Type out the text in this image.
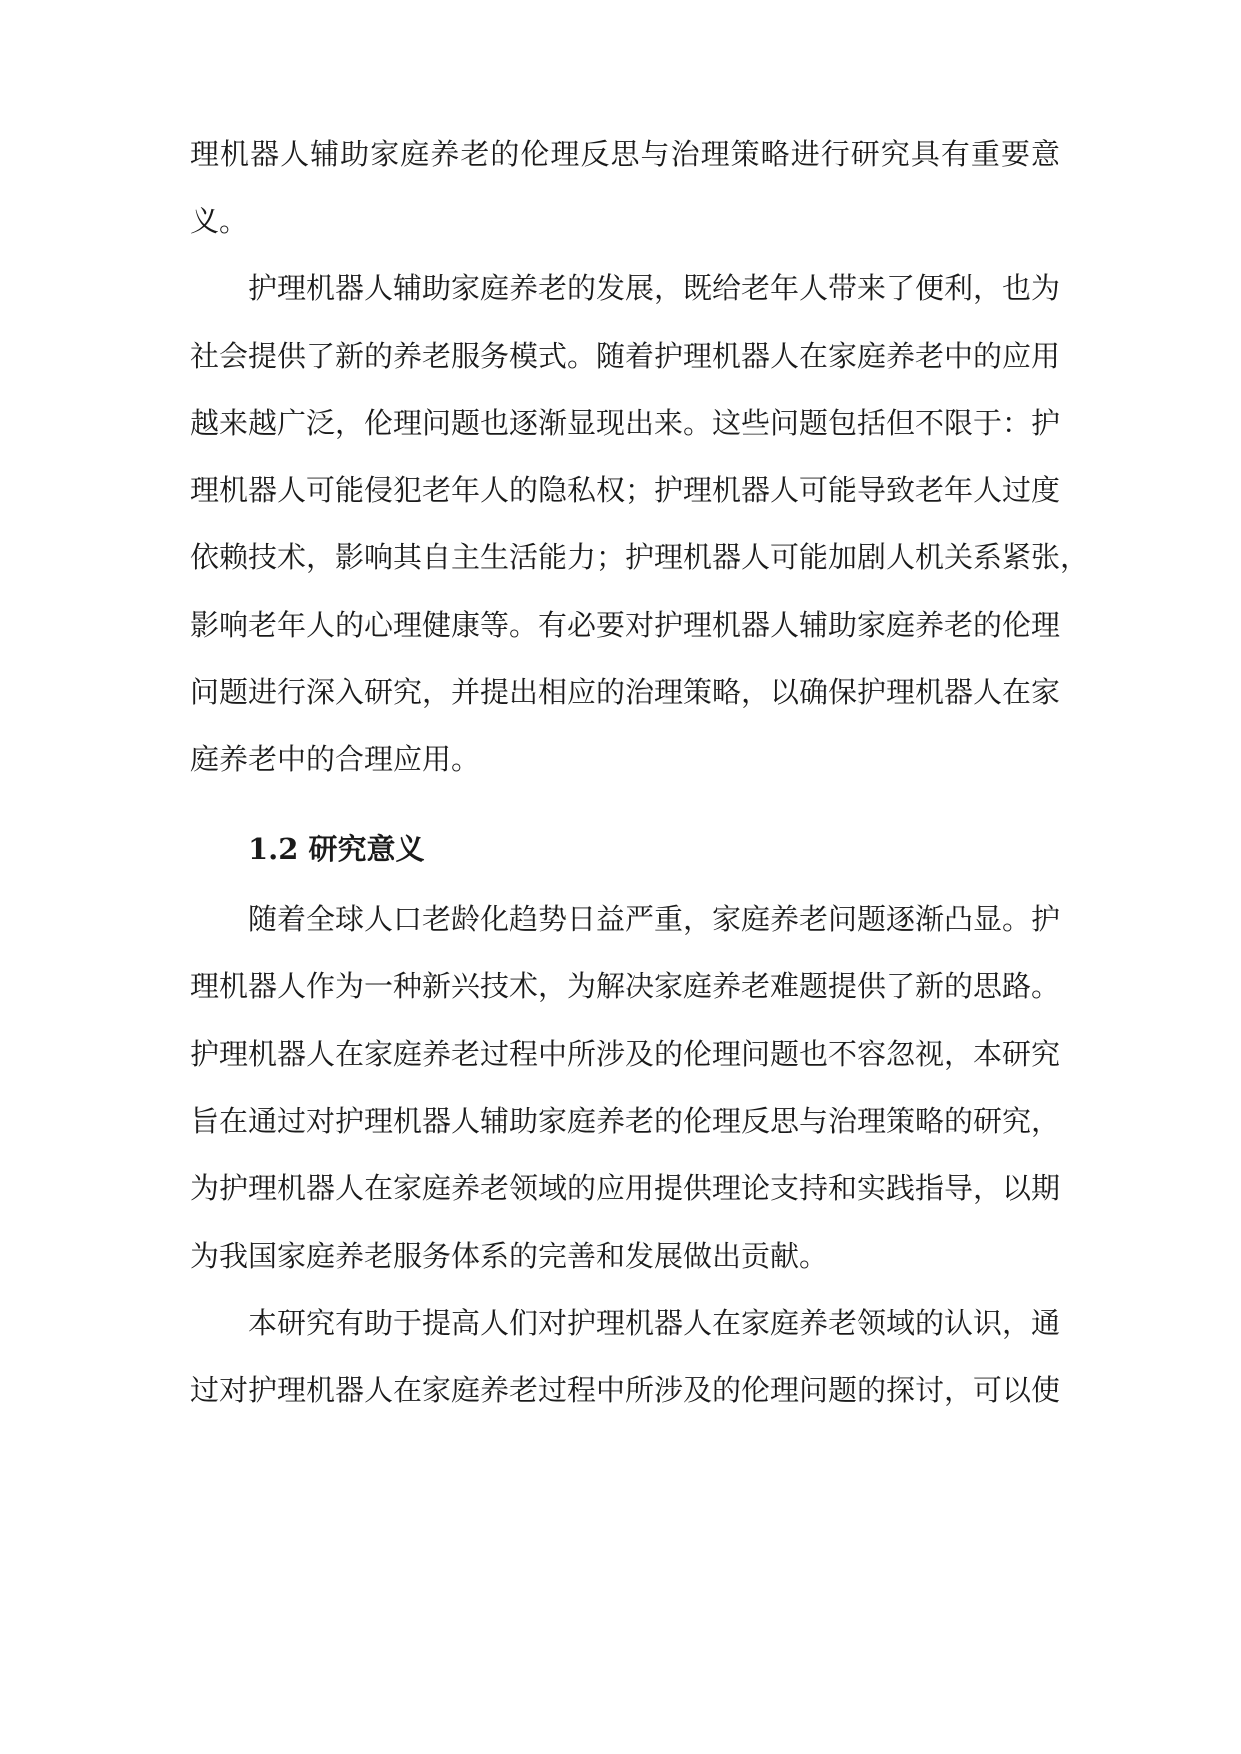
理机器人辅助家庭养老的伦理反思与治理策略进行研究具有重要意
义。
护理机器人辅助家庭养老的发展，既给老年人带来了便利，也为
社会提供了新的养老服务模式。随着护理机器人在家庭养老中的应用
越来越广泛，伦理问题也逐渐显现出来。这些问题包括但不限于：护
理机器人可能侵犯老年人的隐私权；护理机器人可能导致老年人过度
依赖技术，影响其自主生活能力；护理机器人可能加剧人机关系紧张，
影响老年人的心理健康等。有必要对护理机器人辅助家庭养老的伦理
问题进行深入研究，并提出相应的治理策略，以确保护理机器人在家
庭养老中的合理应用。
1.2 研究意义
随着全球人口老龄化趋势日益严重，家庭养老问题逐渐凸显。护
理机器人作为一种新兴技术，为解决家庭养老难题提供了新的思路。
护理机器人在家庭养老过程中所涉及的伦理问题也不容忽视，本研究
旨在通过对护理机器人辅助家庭养老的伦理反思与治理策略的研究，
为护理机器人在家庭养老领域的应用提供理论支持和实践指导，以期
为我国家庭养老服务体系的完善和发展做出贡献。
本研究有助于提高人们对护理机器人在家庭养老领域的认识，通
过对护理机器人在家庭养老过程中所涉及的伦理问题的探讨，可以使
